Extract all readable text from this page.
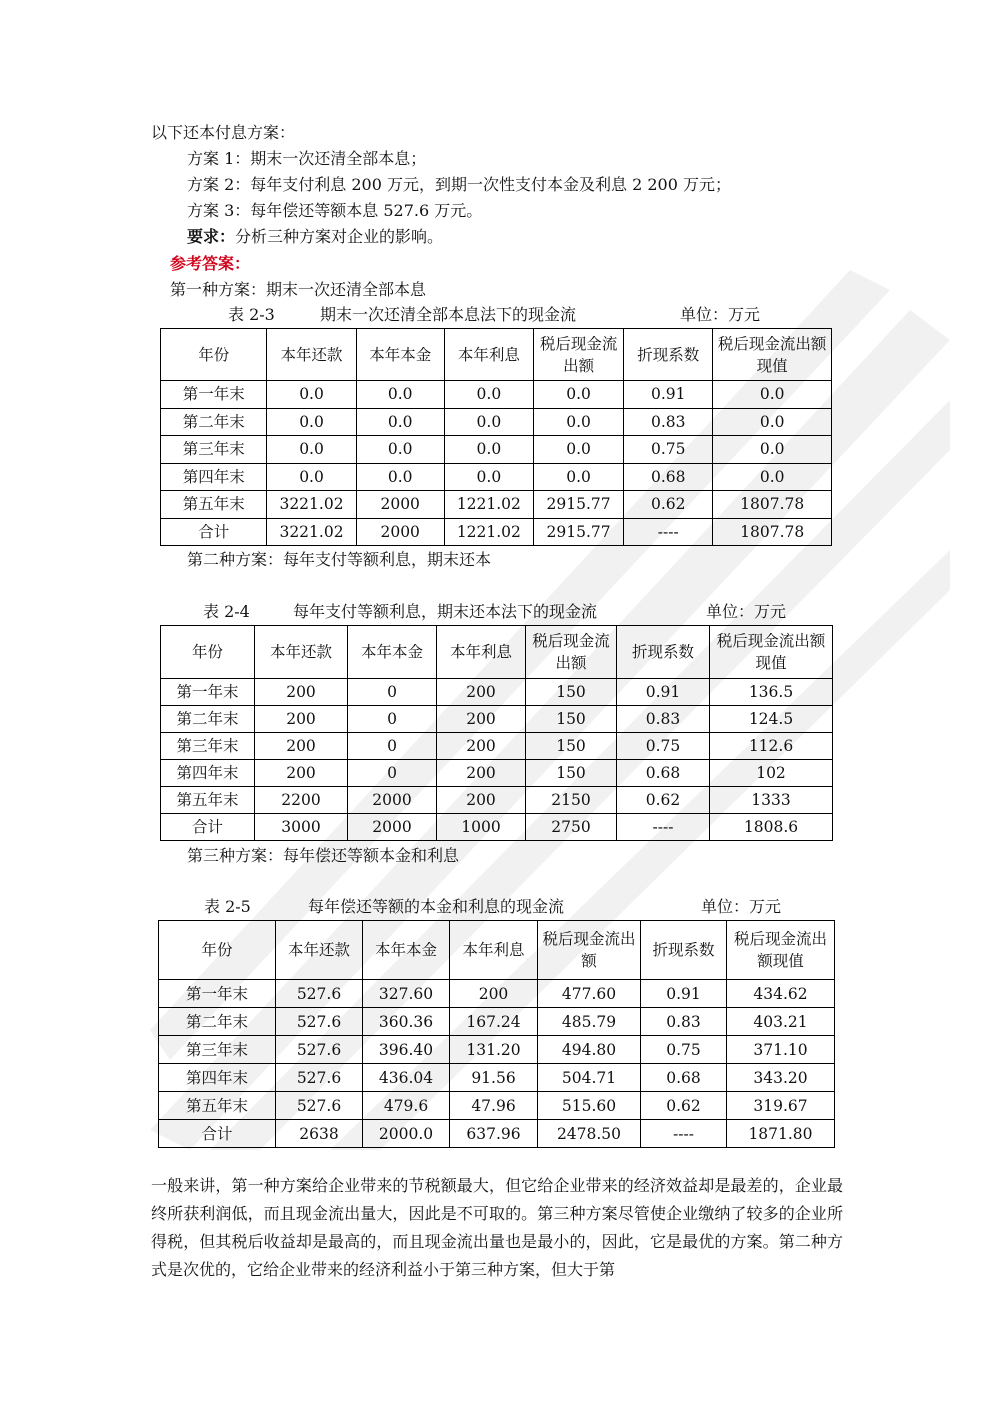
以下还本付息方案：
方案 1：期末一次还清全部本息；
方案 2：每年支付利息 200 万元，到期一次性支付本金及利息 2 200 万元；
方案 3：每年偿还等额本息 527.6 万元。
要求：分析三种方案对企业的影响。
参考答案：
第一种方案：期末一次还清全部本息
表 2-3	期末一次还清全部本息法下的现金流	单位：万元
年份	本年还款	本年本金	本年利息	税后现金流出额	折现系数	税后现金流出额现值
第一年末	0.0	0.0	0.0	0.0	0.91	0.0
第二年末	0.0	0.0	0.0	0.0	0.83	0.0
第三年末	0.0	0.0	0.0	0.0	0.75	0.0
第四年末	0.0	0.0	0.0	0.0	0.68	0.0
第五年末	3221.02	2000	1221.02	2915.77	0.62	1807.78
合计	3221.02	2000	1221.02	2915.77	----	1807.78
第二种方案：每年支付等额利息，期末还本
表 2-4	每年支付等额利息，期末还本法下的现金流	单位：万元
年份	本年还款	本年本金	本年利息	税后现金流出额	折现系数	税后现金流出额现值
第一年末	200	0	200	150	0.91	136.5
第二年末	200	0	200	150	0.83	124.5
第三年末	200	0	200	150	0.75	112.6
第四年末	200	0	200	150	0.68	102
第五年末	2200	2000	200	2150	0.62	1333
合计	3000	2000	1000	2750	----	1808.6
第三种方案：每年偿还等额本金和利息
表 2-5	每年偿还等额的本金和利息的现金流	单位：万元
年份	本年还款	本年本金	本年利息	税后现金流出额	折现系数	税后现金流出额现值
第一年末	527.6	327.60	200	477.60	0.91	434.62
第二年末	527.6	360.36	167.24	485.79	0.83	403.21
第三年末	527.6	396.40	131.20	494.80	0.75	371.10
第四年末	527.6	436.04	91.56	504.71	0.68	343.20
第五年末	527.6	479.6	47.96	515.60	0.62	319.67
合计	2638	2000.0	637.96	2478.50	----	1871.80
一般来讲，第一种方案给企业带来的节税额最大，但它给企业带来的经济效益却是最差的，企业最终所获利润低，而且现金流出量大，因此是不可取的。第三种方案尽管使企业缴纳了较多的企业所得税，但其税后收益却是最高的，而且现金流出量也是最小的，因此，它是最优的方案。第二种方式是次优的，它给企业带来的经济利益小于第三种方案，但大于第
